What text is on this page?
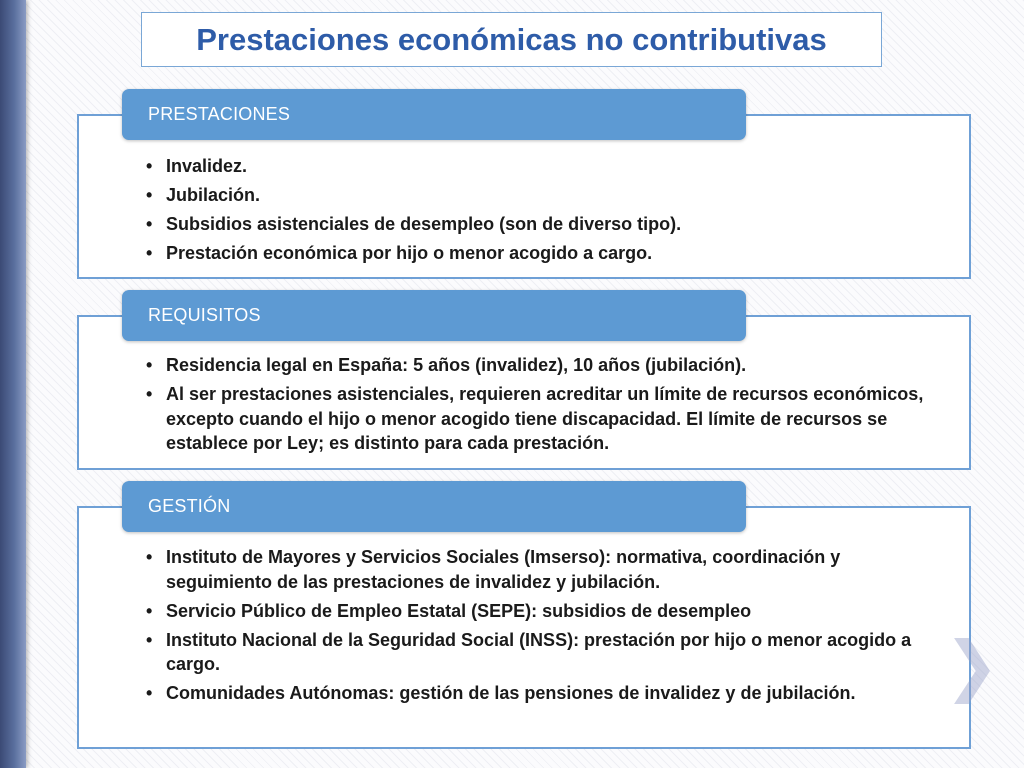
Prestaciones económicas no contributivas
• Invalidez.
• Jubilación.
• Subsidios asistenciales de desempleo (son de diverso tipo).
• Prestación económica por hijo o menor acogido a cargo.
PRESTACIONES
• Residencia legal en España: 5 años (invalidez), 10 años (jubilación).
• Al ser prestaciones asistenciales, requieren acreditar un límite de recursos económicos, excepto cuando el hijo o menor acogido tiene discapacidad. El límite de recursos se establece por Ley; es distinto para cada prestación.
REQUISITOS
• Instituto de Mayores y Servicios Sociales (Imserso): normativa, coordinación y seguimiento de las prestaciones de invalidez y jubilación.
• Servicio Público de Empleo Estatal (SEPE): subsidios de desempleo
• Instituto Nacional de la Seguridad Social (INSS): prestación por hijo o menor acogido a cargo.
• Comunidades Autónomas: gestión de las pensiones de invalidez y de jubilación.
GESTIÓN
❯
